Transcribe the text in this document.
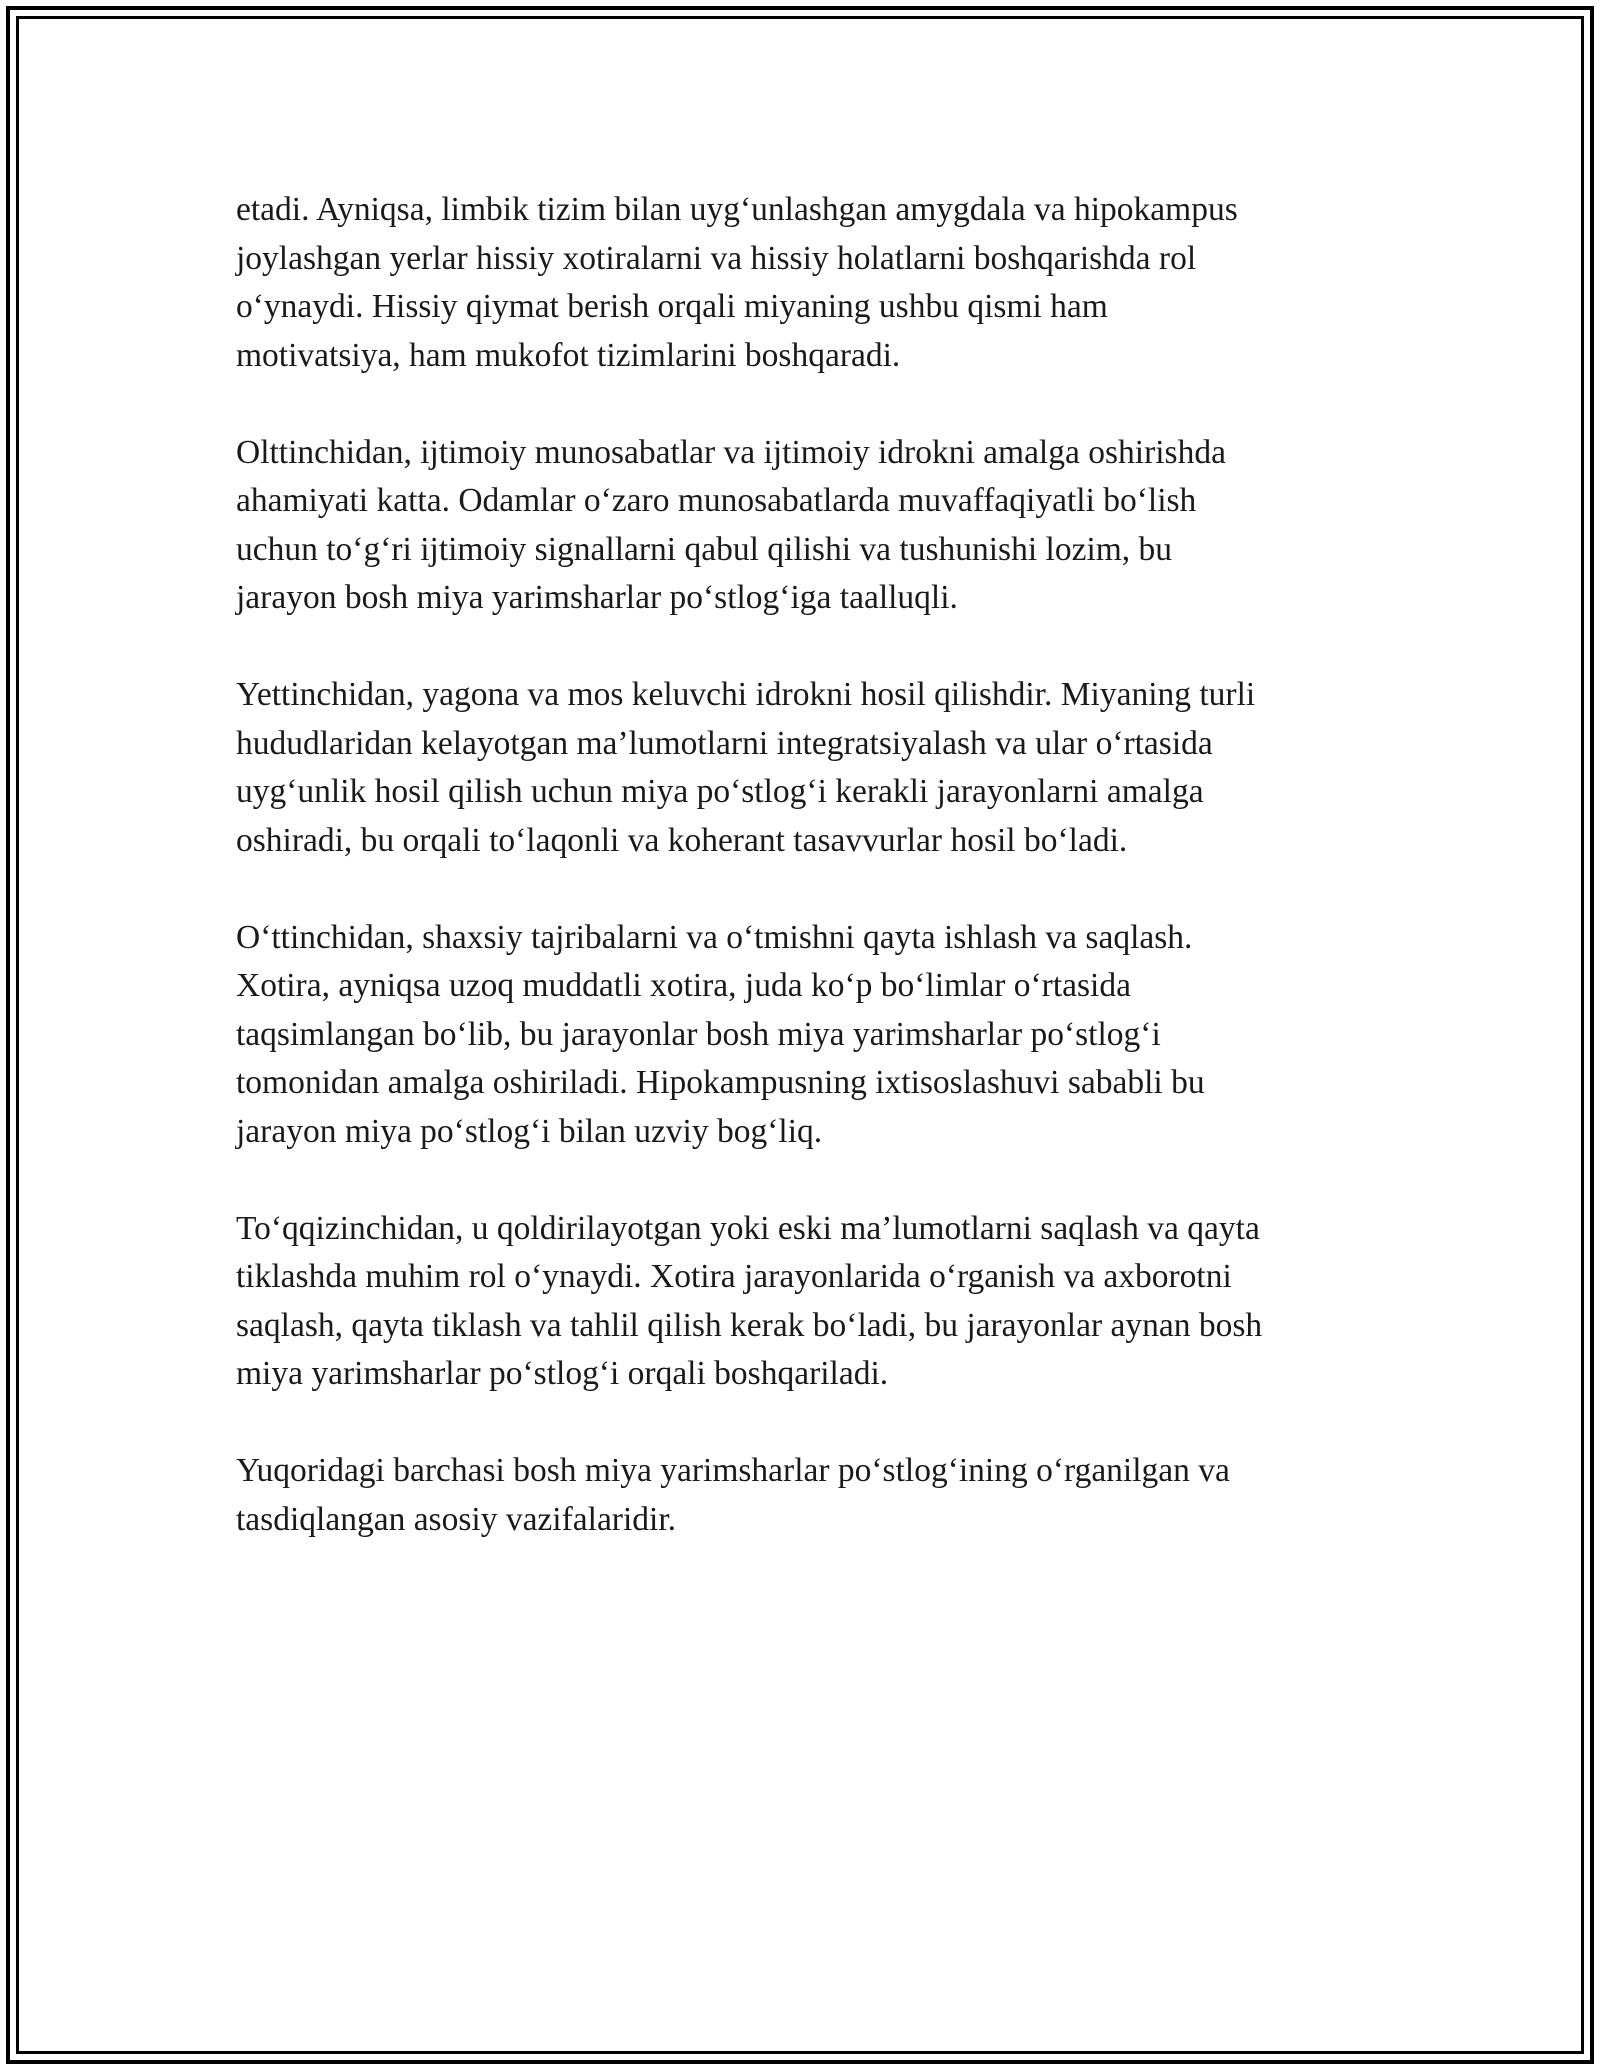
etadi. Ayniqsa, limbik tizim bilan uyg‘unlashgan amygdala va hipokampus
joylashgan yerlar hissiy xotiralarni va hissiy holatlarni boshqarishda rol
o‘ynaydi. Hissiy qiymat berish orqali miyaning ushbu qismi ham
motivatsiya, ham mukofot tizimlarini boshqaradi.

Olttinchidan, ijtimoiy munosabatlar va ijtimoiy idrokni amalga oshirishda
ahamiyati katta. Odamlar o‘zaro munosabatlarda muvaffaqiyatli bo‘lish
uchun to‘g‘ri ijtimoiy signallarni qabul qilishi va tushunishi lozim, bu
jarayon bosh miya yarimsharlar po‘stlog‘iga taalluqli.

Yettinchidan, yagona va mos keluvchi idrokni hosil qilishdir. Miyaning turli
hududlaridan kelayotgan ma’lumotlarni integratsiyalash va ular o‘rtasida
uyg‘unlik hosil qilish uchun miya po‘stlog‘i kerakli jarayonlarni amalga
oshiradi, bu orqali to‘laqonli va koherant tasavvurlar hosil bo‘ladi.

O‘ttinchidan, shaxsiy tajribalarni va o‘tmishni qayta ishlash va saqlash.
Xotira, ayniqsa uzoq muddatli xotira, juda ko‘p bo‘limlar o‘rtasida
taqsimlangan bo‘lib, bu jarayonlar bosh miya yarimsharlar po‘stlog‘i
tomonidan amalga oshiriladi. Hipokampusning ixtisoslashuvi sababli bu
jarayon miya po‘stlog‘i bilan uzviy bog‘liq.

To‘qqizinchidan, u qoldirilayotgan yoki eski ma’lumotlarni saqlash va qayta
tiklashda muhim rol o‘ynaydi. Xotira jarayonlarida o‘rganish va axborotni
saqlash, qayta tiklash va tahlil qilish kerak bo‘ladi, bu jarayonlar aynan bosh
miya yarimsharlar po‘stlog‘i orqali boshqariladi.

Yuqoridagi barchasi bosh miya yarimsharlar po‘stlog‘ining o‘rganilgan va
tasdiqlangan asosiy vazifalaridir.
